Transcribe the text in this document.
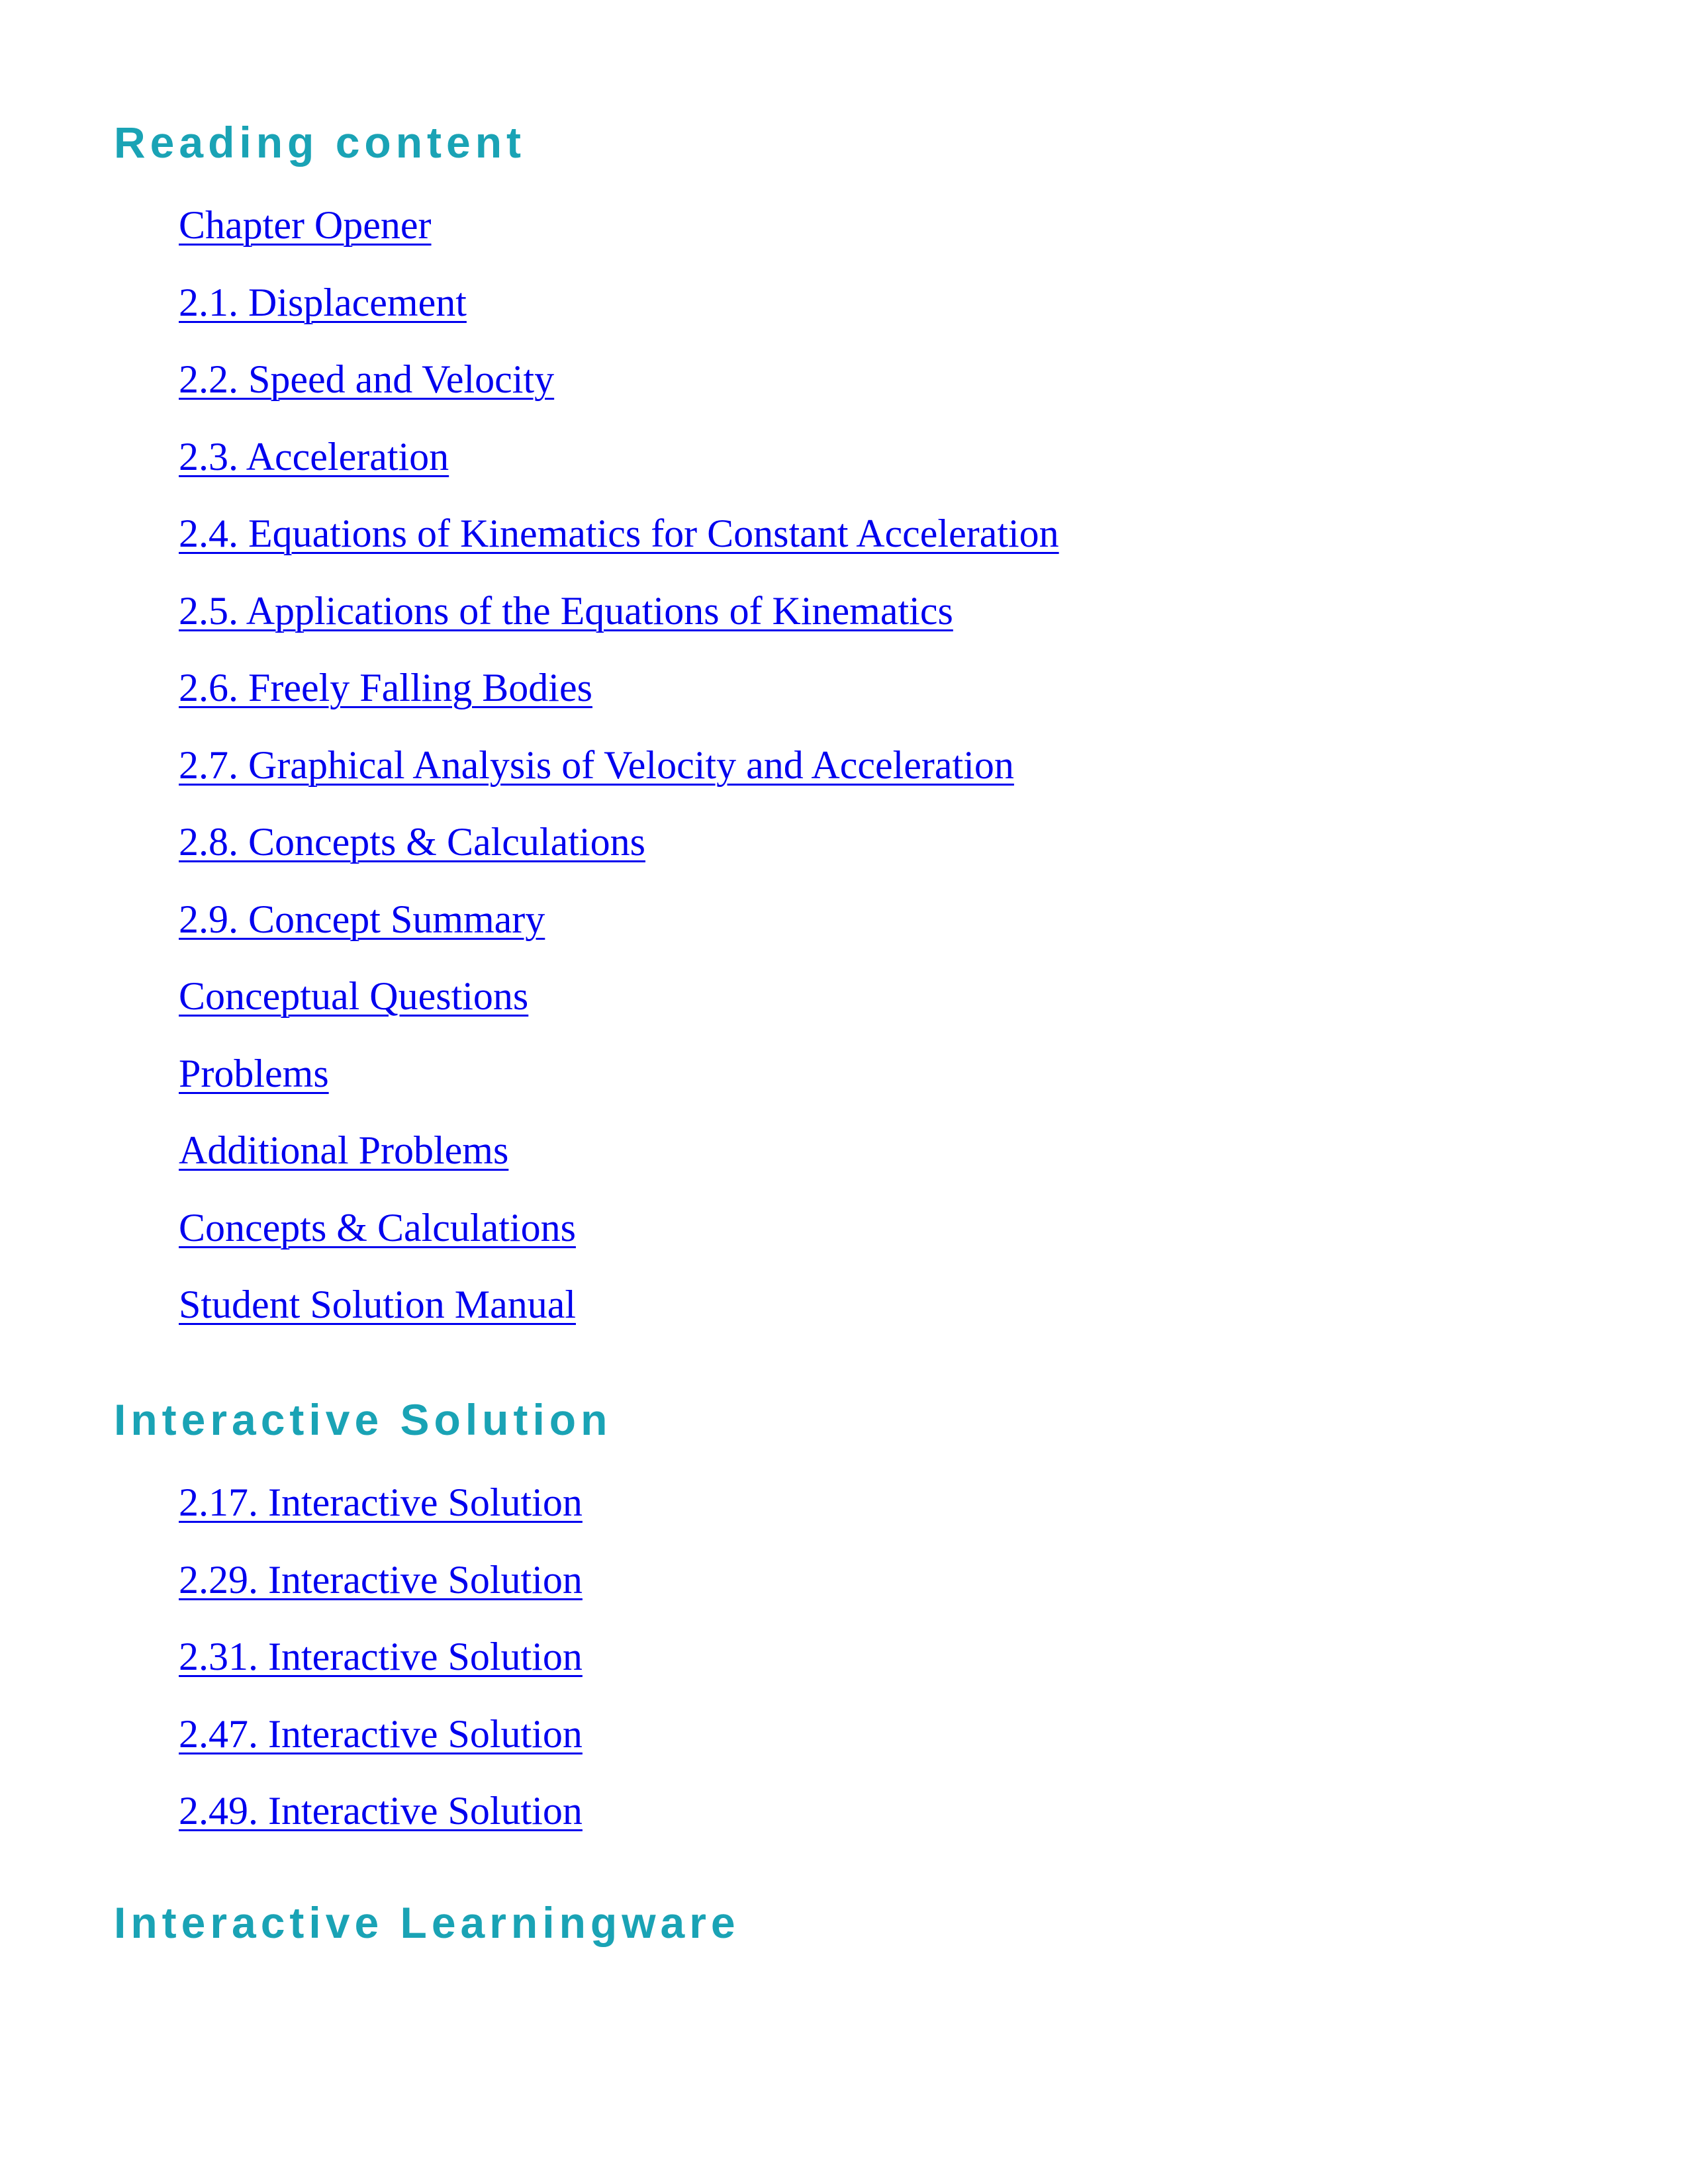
Reading content
Chapter Opener
2.1. Displacement
2.2. Speed and Velocity
2.3. Acceleration
2.4. Equations of Kinematics for Constant Acceleration
2.5. Applications of the Equations of Kinematics
2.6. Freely Falling Bodies
2.7. Graphical Analysis of Velocity and Acceleration
2.8. Concepts & Calculations
2.9. Concept Summary
Conceptual Questions
Problems
Additional Problems
Concepts & Calculations
Student Solution Manual
Interactive Solution
2.17. Interactive Solution
2.29. Interactive Solution
2.31. Interactive Solution
2.47. Interactive Solution
2.49. Interactive Solution
Interactive Learningware
